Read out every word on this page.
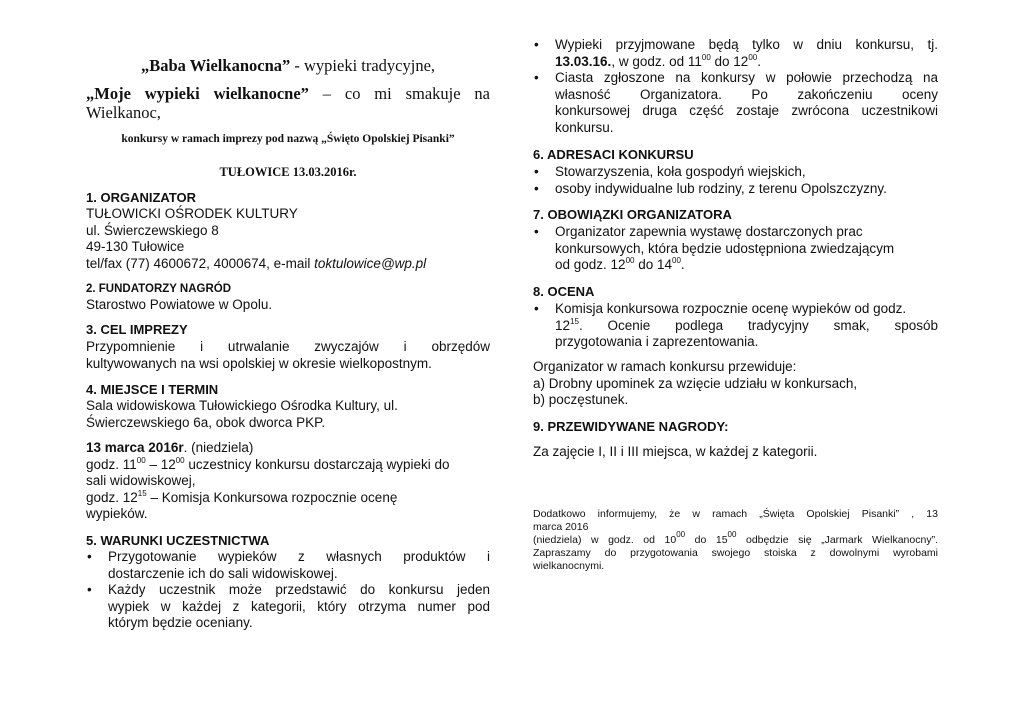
„Baba Wielkanocna” - wypieki tradycyjne,

„Moje wypieki wielkanocne” – co mi smakuje na Wielkanoc,

konkursy w ramach imprezy pod nazwą „Święto Opolskiej Pisanki”

TUŁOWICE 13.03.2016r.

1. ORGANIZATOR

TUŁOWICKI OŚRODEK KULTURY
ul. Świerczewskiego 8
49-130 Tułowice
tel/fax (77) 4600672, 4000674, e-mail toktulowice@wp.pl

2. FUNDATORZY NAGRÓD

Starostwo Powiatowe w Opolu.

3. CEL IMPREZY

Przypomnienie i utrwalanie zwyczajów i obrzędów
kultywowanych na wsi opolskiej w okresie wielkopostnym.

4. MIEJSCE I TERMIN

Sala widowiskowa Tułowickiego Ośrodka Kultury, ul.
Świerczewskiego 6a, obok dworca PKP.
13 marca 2016r. (niedziela)
godz. $11^{00} - 12^{00}$ uczestnicy konkursu dostarczają wypieki do
sali widowiskowej,
godz. $12^{15}$ – Komisja Konkursowa rozpocznie ocenę
wypieków.

5. WARUNKI UCZESTNICTWA

• Przygotowanie wypieków z własnych produktów i
dostarczenie ich do sali widowiskowej.
• Każdy uczestnik może przedstawić do konkursu jeden
wypiek w każdej z kategorii, który otrzyma numer pod
którym będzie oceniany.
• Wypieki przyjmowane będą tylko w dniu konkursu, tj.
13.03.16., w godz. od $11^{00}$ do $12^{00}$.
• Ciasta zgłoszone na konkursy w połowie przechodzą na
własność Organizatora. Po zakończeniu oceny
konkursowej druga część zostaje zwrócona uczestnikowi
konkursu.

6. ADRESACI KONKURSU

• Stowarzyszenia, koła gospodyń wiejskich,
• osoby indywidualne lub rodziny, z terenu Opolszczyzny.

7. OBOWIĄZKI ORGANIZATORA

• Organizator zapewnia wystawę dostarczonych prac
konkursowych, która będzie udostępniona zwiedzającym
od godz. $12^{00}$ do $14^{00}$.

8. OCENA

• Komisja konkursowa rozpocznie ocenę wypieków od godz.
$12^{15}$. Ocenie podlega tradycyjny smak, sposób
przygotowania i zaprezentowania.
Organizator w ramach konkursu przewiduje:
a) Drobny upominek za wzięcie udziału w konkursach,
b) poczęstunek.

9. PRZEWIDYWANE NAGRODY:

Za zajęcie I, II i III miejsca, w każdej z kategorii.

Dodatkowo informujemy, że w ramach „Święta Opolskiej Pisanki” , 13
marca 2016
(niedziela) w godz. od $10^{00}$ do $15^{00}$ odbędzie się „Jarmark Wielkanocny”.
Zapraszamy do przygotowania swojego stoiska z dowolnymi wyrobami
wielkanocnymi.
